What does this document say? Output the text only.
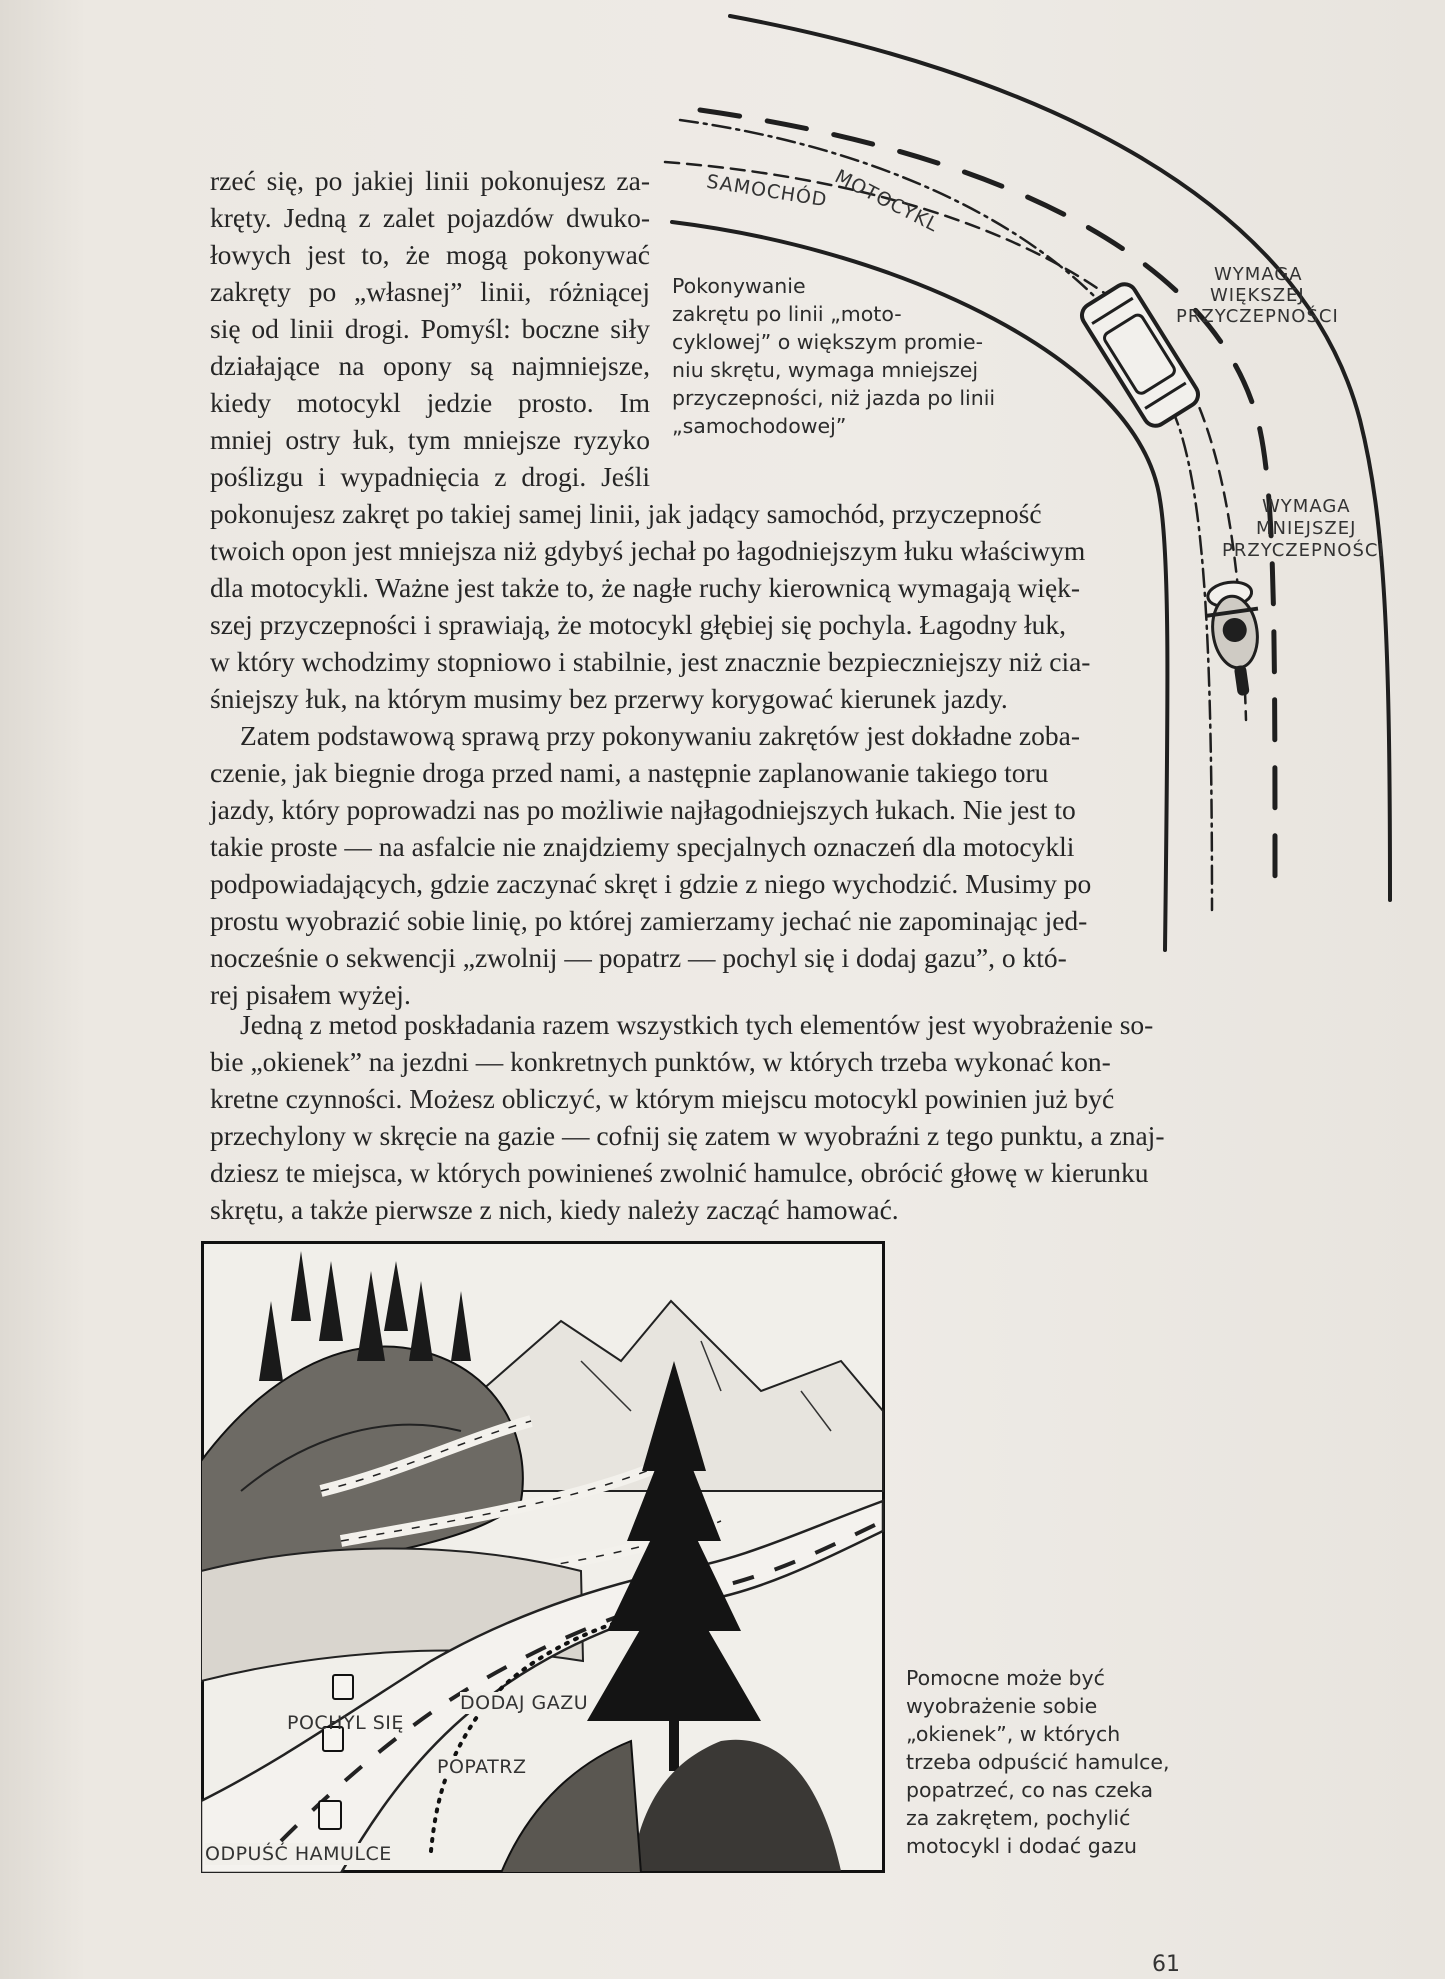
SAMOCHÓD MOTOCYKL
WYMAGA
WIĘKSZEJ
PRZYCZEPNOŚCI
WYMAGA
MNIEJSZEJ
PRZYCZEPNOŚCI
Pokonywanie
zakrętu po linii „moto-
cyklowej” o większym promie-
niu skrętu, wymaga mniejszej
przyczepności, niż jazda po linii
„samochodowej”
rzeć się, po jakiej linii pokonujesz za-
kręty. Jedną z zalet pojazdów dwuko-
łowych jest to, że mogą pokonywać
zakręty po „własnej” linii, różniącej
się od linii drogi. Pomyśl: boczne siły
działające na opony są najmniejsze,
kiedy motocykl jedzie prosto. Im
mniej ostry łuk, tym mniejsze ryzyko
poślizgu i wypadnięcia z drogi. Jeśli
pokonujesz zakręt po takiej samej linii, jak jadący samochód, przyczepność
twoich opon jest mniejsza niż gdybyś jechał po łagodniejszym łuku właściwym
dla motocykli. Ważne jest także to, że nagłe ruchy kierownicą wymagają więk-
szej przyczepności i sprawiają, że motocykl głębiej się pochyla. Łagodny łuk,
w który wchodzimy stopniowo i stabilnie, jest znacznie bezpieczniejszy niż cia-
śniejszy łuk, na którym musimy bez przerwy korygować kierunek jazdy.
Zatem podstawową sprawą przy pokonywaniu zakrętów jest dokładne zoba-
czenie, jak biegnie droga przed nami, a następnie zaplanowanie takiego toru
jazdy, który poprowadzi nas po możliwie najłagodniejszych łukach. Nie jest to
takie proste — na asfalcie nie znajdziemy specjalnych oznaczeń dla motocykli
podpowiadających, gdzie zaczynać skręt i gdzie z niego wychodzić. Musimy po
prostu wyobrazić sobie linię, po której zamierzamy jechać nie zapominając jed-
nocześnie o sekwencji „zwolnij — popatrz — pochyl się i dodaj gazu”, o któ-
rej pisałem wyżej.
Jedną z metod poskładania razem wszystkich tych elementów jest wyobrażenie so-
bie „okienek” na jezdni — konkretnych punktów, w których trzeba wykonać kon-
kretne czynności. Możesz obliczyć, w którym miejscu motocykl powinien już być
przechylony w skręcie na gazie — cofnij się zatem w wyobraźni z tego punktu, a znaj-
dziesz te miejsca, w których powinieneś zwolnić hamulce, obrócić głowę w kierunku
skrętu, a także pierwsze z nich, kiedy należy zacząć hamować.
POCHYL SIĘ
DODAJ GAZU
POPATRZ
ODPUŚĆ HAMULCE
Pomocne może być
wyobrażenie sobie
„okienek”, w których
trzeba odpuścić hamulce,
popatrzeć, co nas czeka
za zakrętem, pochylić
motocykl i dodać gazu
61
